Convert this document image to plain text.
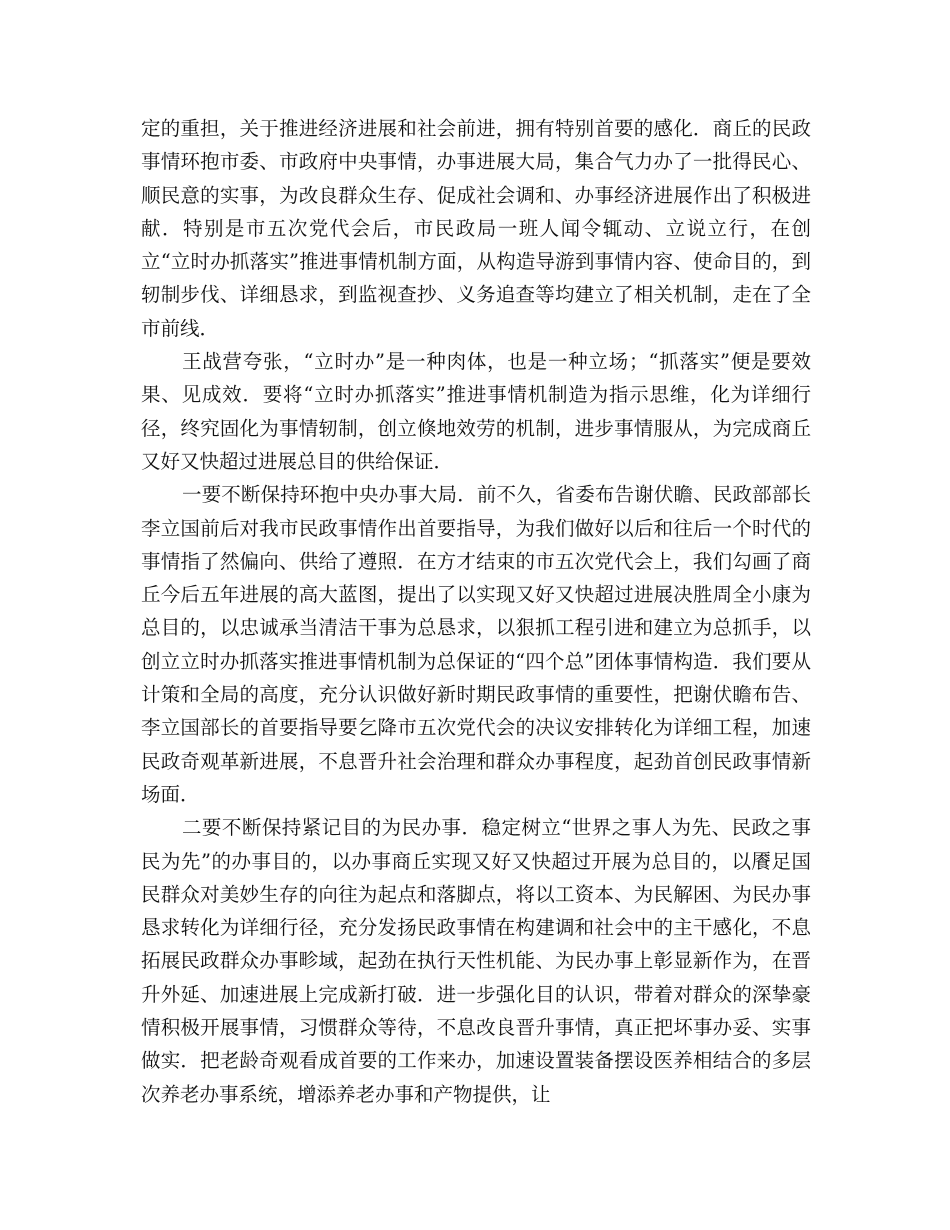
定的重担，关于推进经济进展和社会前进，拥有特别首要的感化．商丘的民政事情环抱市委、市政府中央事情，办事进展大局，集合气力办了一批得民心、顺民意的实事，为改良群众生存、促成社会调和、办事经济进展作出了积极进献．特别是市五次党代会后，市民政局一班人闻令辄动、立说立行，在创立“立时办抓落实”推进事情机制方面，从构造导游到事情内容、使命目的，到轫制步伐、详细恳求，到监视查抄、义务追查等均建立了相关机制，走在了全市前线．

王战营夸张，“立时办”是一种肉体，也是一种立场；“抓落实”便是要效果、见成效．要将“立时办抓落实”推进事情机制造为指示思维，化为详细行径，终究固化为事情轫制，创立倏地效劳的机制，进步事情服从，为完成商丘又好又快超过进展总目的供给保证．

一要不断保持环抱中央办事大局．前不久，省委布告谢伏瞻、民政部部长李立国前后对我市民政事情作出首要指导，为我们做好以后和往后一个时代的事情指了然偏向、供给了遵照．在方才结束的市五次党代会上，我们勾画了商丘今后五年进展的高大蓝图，提出了以实现又好又快超过进展决胜周全小康为总目的，以忠诚承当清洁干事为总恳求，以狠抓工程引进和建立为总抓手，以创立立时办抓落实推进事情机制为总保证的“四个总”团体事情构造．我们要从计策和全局的高度，充分认识做好新时期民政事情的重要性，把谢伏瞻布告、李立国部长的首要指导要乞降市五次党代会的决议安排转化为详细工程，加速民政奇观革新进展，不息晋升社会治理和群众办事程度，起劲首创民政事情新场面．

二要不断保持紧记目的为民办事．稳定树立“世界之事人为先、民政之事民为先”的办事目的，以办事商丘实现又好又快超过开展为总目的，以餍足国民群众对美妙生存的向往为起点和落脚点，将以工资本、为民解困、为民办事恳求转化为详细行径，充分发扬民政事情在构建调和社会中的主干感化，不息拓展民政群众办事畛域，起劲在执行天性机能、为民办事上彰显新作为，在晋升外延、加速进展上完成新打破．进一步强化目的认识，带着对群众的深挚豪情积极开展事情，习惯群众等待，不息改良晋升事情，真正把坏事办妥、实事做实．把老龄奇观看成首要的工作来办，加速设置装备摆设医养相结合的多层次养老办事系统，增添养老办事和产物提供，让
